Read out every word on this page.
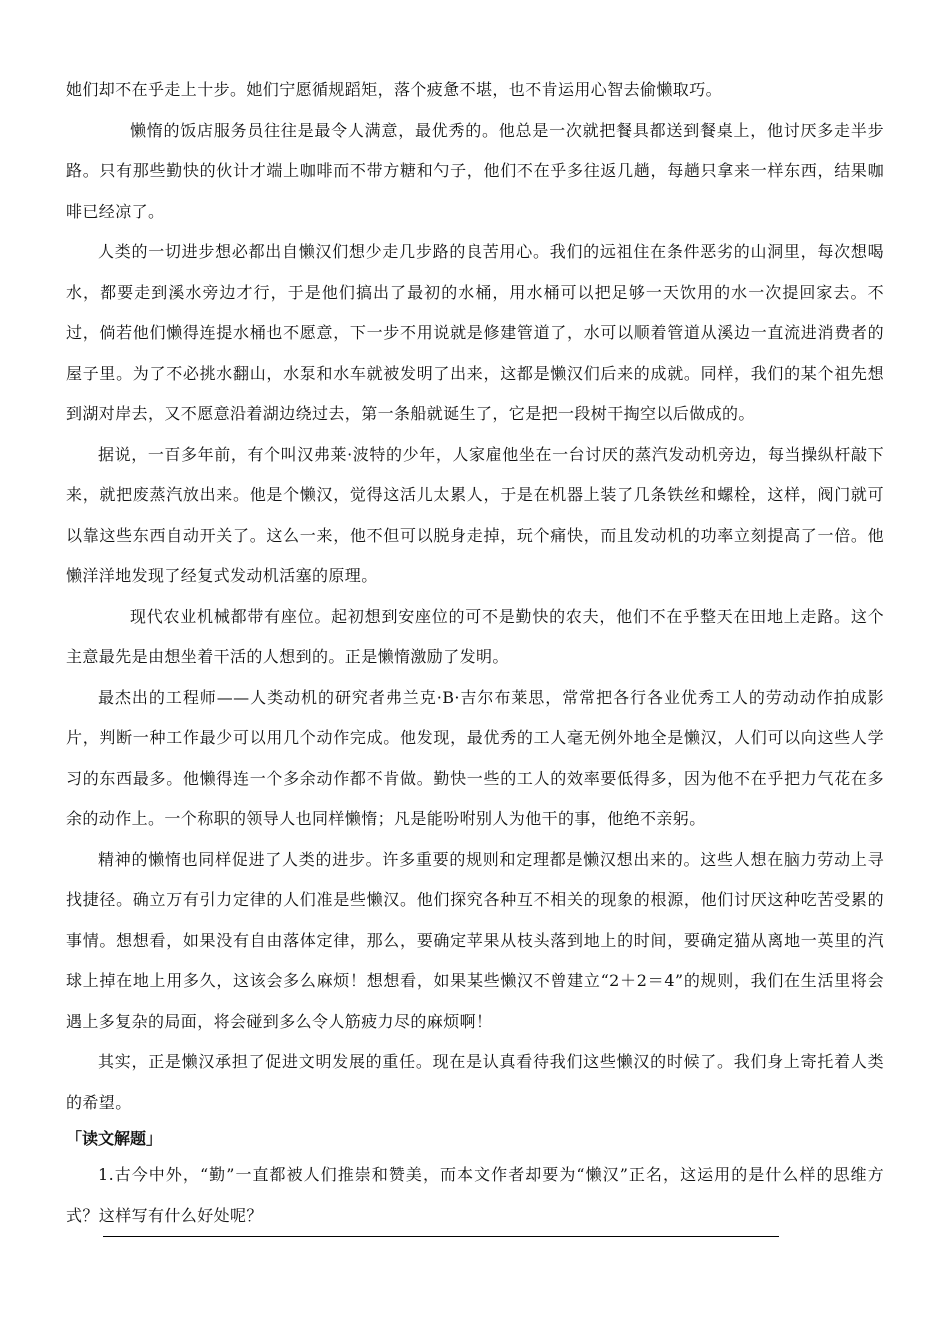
她们却不在乎走上十步。她们宁愿循规蹈矩，落个疲惫不堪，也不肯运用心智去偷懒取巧。

懒惰的饭店服务员往往是最令人满意，最优秀的。他总是一次就把餐具都送到餐桌上，他讨厌多走半步路。只有那些勤快的伙计才端上咖啡而不带方糖和勺子，他们不在乎多往返几趟，每趟只拿来一样东西，结果咖啡已经凉了。

人类的一切进步想必都出自懒汉们想少走几步路的良苦用心。我们的远祖住在条件恶劣的山洞里，每次想喝水，都要走到溪水旁边才行，于是他们搞出了最初的水桶，用水桶可以把足够一天饮用的水一次提回家去。不过，倘若他们懒得连提水桶也不愿意，下一步不用说就是修建管道了，水可以顺着管道从溪边一直流进消费者的屋子里。为了不必挑水翻山，水泵和水车就被发明了出来，这都是懒汉们后来的成就。同样，我们的某个祖先想到湖对岸去，又不愿意沿着湖边绕过去，第一条船就诞生了，它是把一段树干掏空以后做成的。

据说，一百多年前，有个叫汉弗莱·波特的少年，人家雇他坐在一台讨厌的蒸汽发动机旁边，每当操纵杆敲下来，就把废蒸汽放出来。他是个懒汉，觉得这活儿太累人，于是在机器上装了几条铁丝和螺栓，这样，阀门就可以靠这些东西自动开关了。这么一来，他不但可以脱身走掉，玩个痛快，而且发动机的功率立刻提高了一倍。他懒洋洋地发现了经复式发动机活塞的原理。

现代农业机械都带有座位。起初想到安座位的可不是勤快的农夫，他们不在乎整天在田地上走路。这个主意最先是由想坐着干活的人想到的。正是懒惰激励了发明。

最杰出的工程师——人类动机的研究者弗兰克·B·吉尔布莱思，常常把各行各业优秀工人的劳动动作拍成影片，判断一种工作最少可以用几个动作完成。他发现，最优秀的工人毫无例外地全是懒汉，人们可以向这些人学习的东西最多。他懒得连一个多余动作都不肯做。勤快一些的工人的效率要低得多，因为他不在乎把力气花在多余的动作上。一个称职的领导人也同样懒惰；凡是能吩咐别人为他干的事，他绝不亲躬。

精神的懒惰也同样促进了人类的进步。许多重要的规则和定理都是懒汉想出来的。这些人想在脑力劳动上寻找捷径。确立万有引力定律的人们准是些懒汉。他们探究各种互不相关的现象的根源，他们讨厌这种吃苦受累的事情。想想看，如果没有自由落体定律，那么，要确定苹果从枝头落到地上的时间，要确定猫从离地一英里的汽球上掉在地上用多久，这该会多么麻烦！想想看，如果某些懒汉不曾建立“2＋2＝4”的规则，我们在生活里将会遇上多复杂的局面，将会碰到多么令人筋疲力尽的麻烦啊！

其实，正是懒汉承担了促进文明发展的重任。现在是认真看待我们这些懒汉的时候了。我们身上寄托着人类的希望。

「读文解题」

1.古今中外，“勤”一直都被人们推崇和赞美，而本文作者却要为“懒汉”正名，这运用的是什么样的思维方式？这样写有什么好处呢？
